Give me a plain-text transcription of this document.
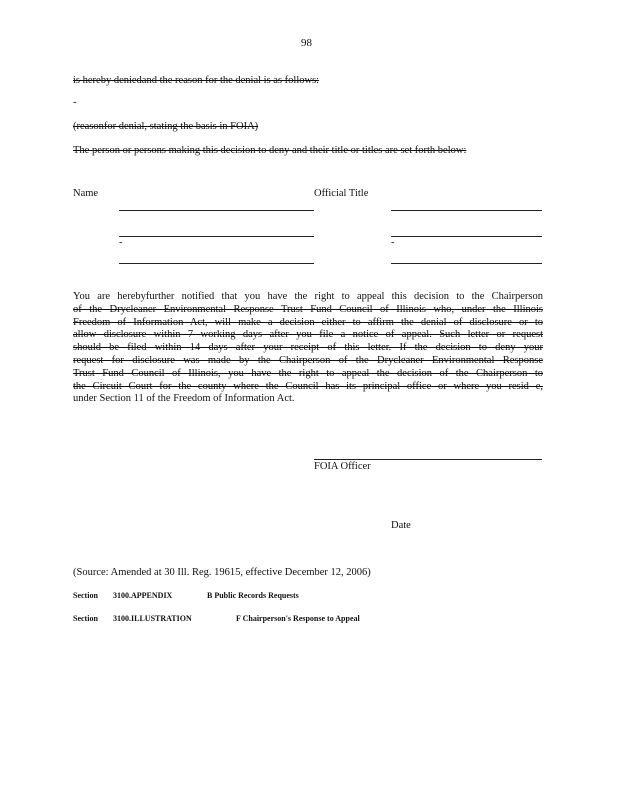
98
is hereby deniedand the reason for the denial is as follows:
-
(reasonfor denial, stating the basis in FOIA)
The person or persons making this decision to deny and their title or titles are set forth below:
Name	Official Title
-	-
You are herebyfurther notified that you have the right to appeal this decision to the Chairperson
of the Drycleaner Environmental Response Trust Fund Council of Illinois who, under the Illinois
Freedom of Information Act, will make a decision either to affirm the denial of disclosure or to
allow disclosure within 7 working days after you file a notice of appeal. Such letter or request
should be filed within 14 days after your receipt of this letter. If the decision to deny your
request for disclosure was made by the Chairperson of the Drycleaner Environmental Response
Trust Fund Council of Illinois, you have the right to appeal the decision of the Chairperson to
the Circuit Court for the county where the Council has its principal office or where you resid e,
under Section 11 of the Freedom of Information Act.
FOIA Officer
Date
(Source: Amended at 30 Ill. Reg. 19615, effective December 12, 2006)
Section 3100.APPENDIX	B Public Records Requests
Section 3100.ILLUSTRATION	F Chairperson's Response to Appeal
